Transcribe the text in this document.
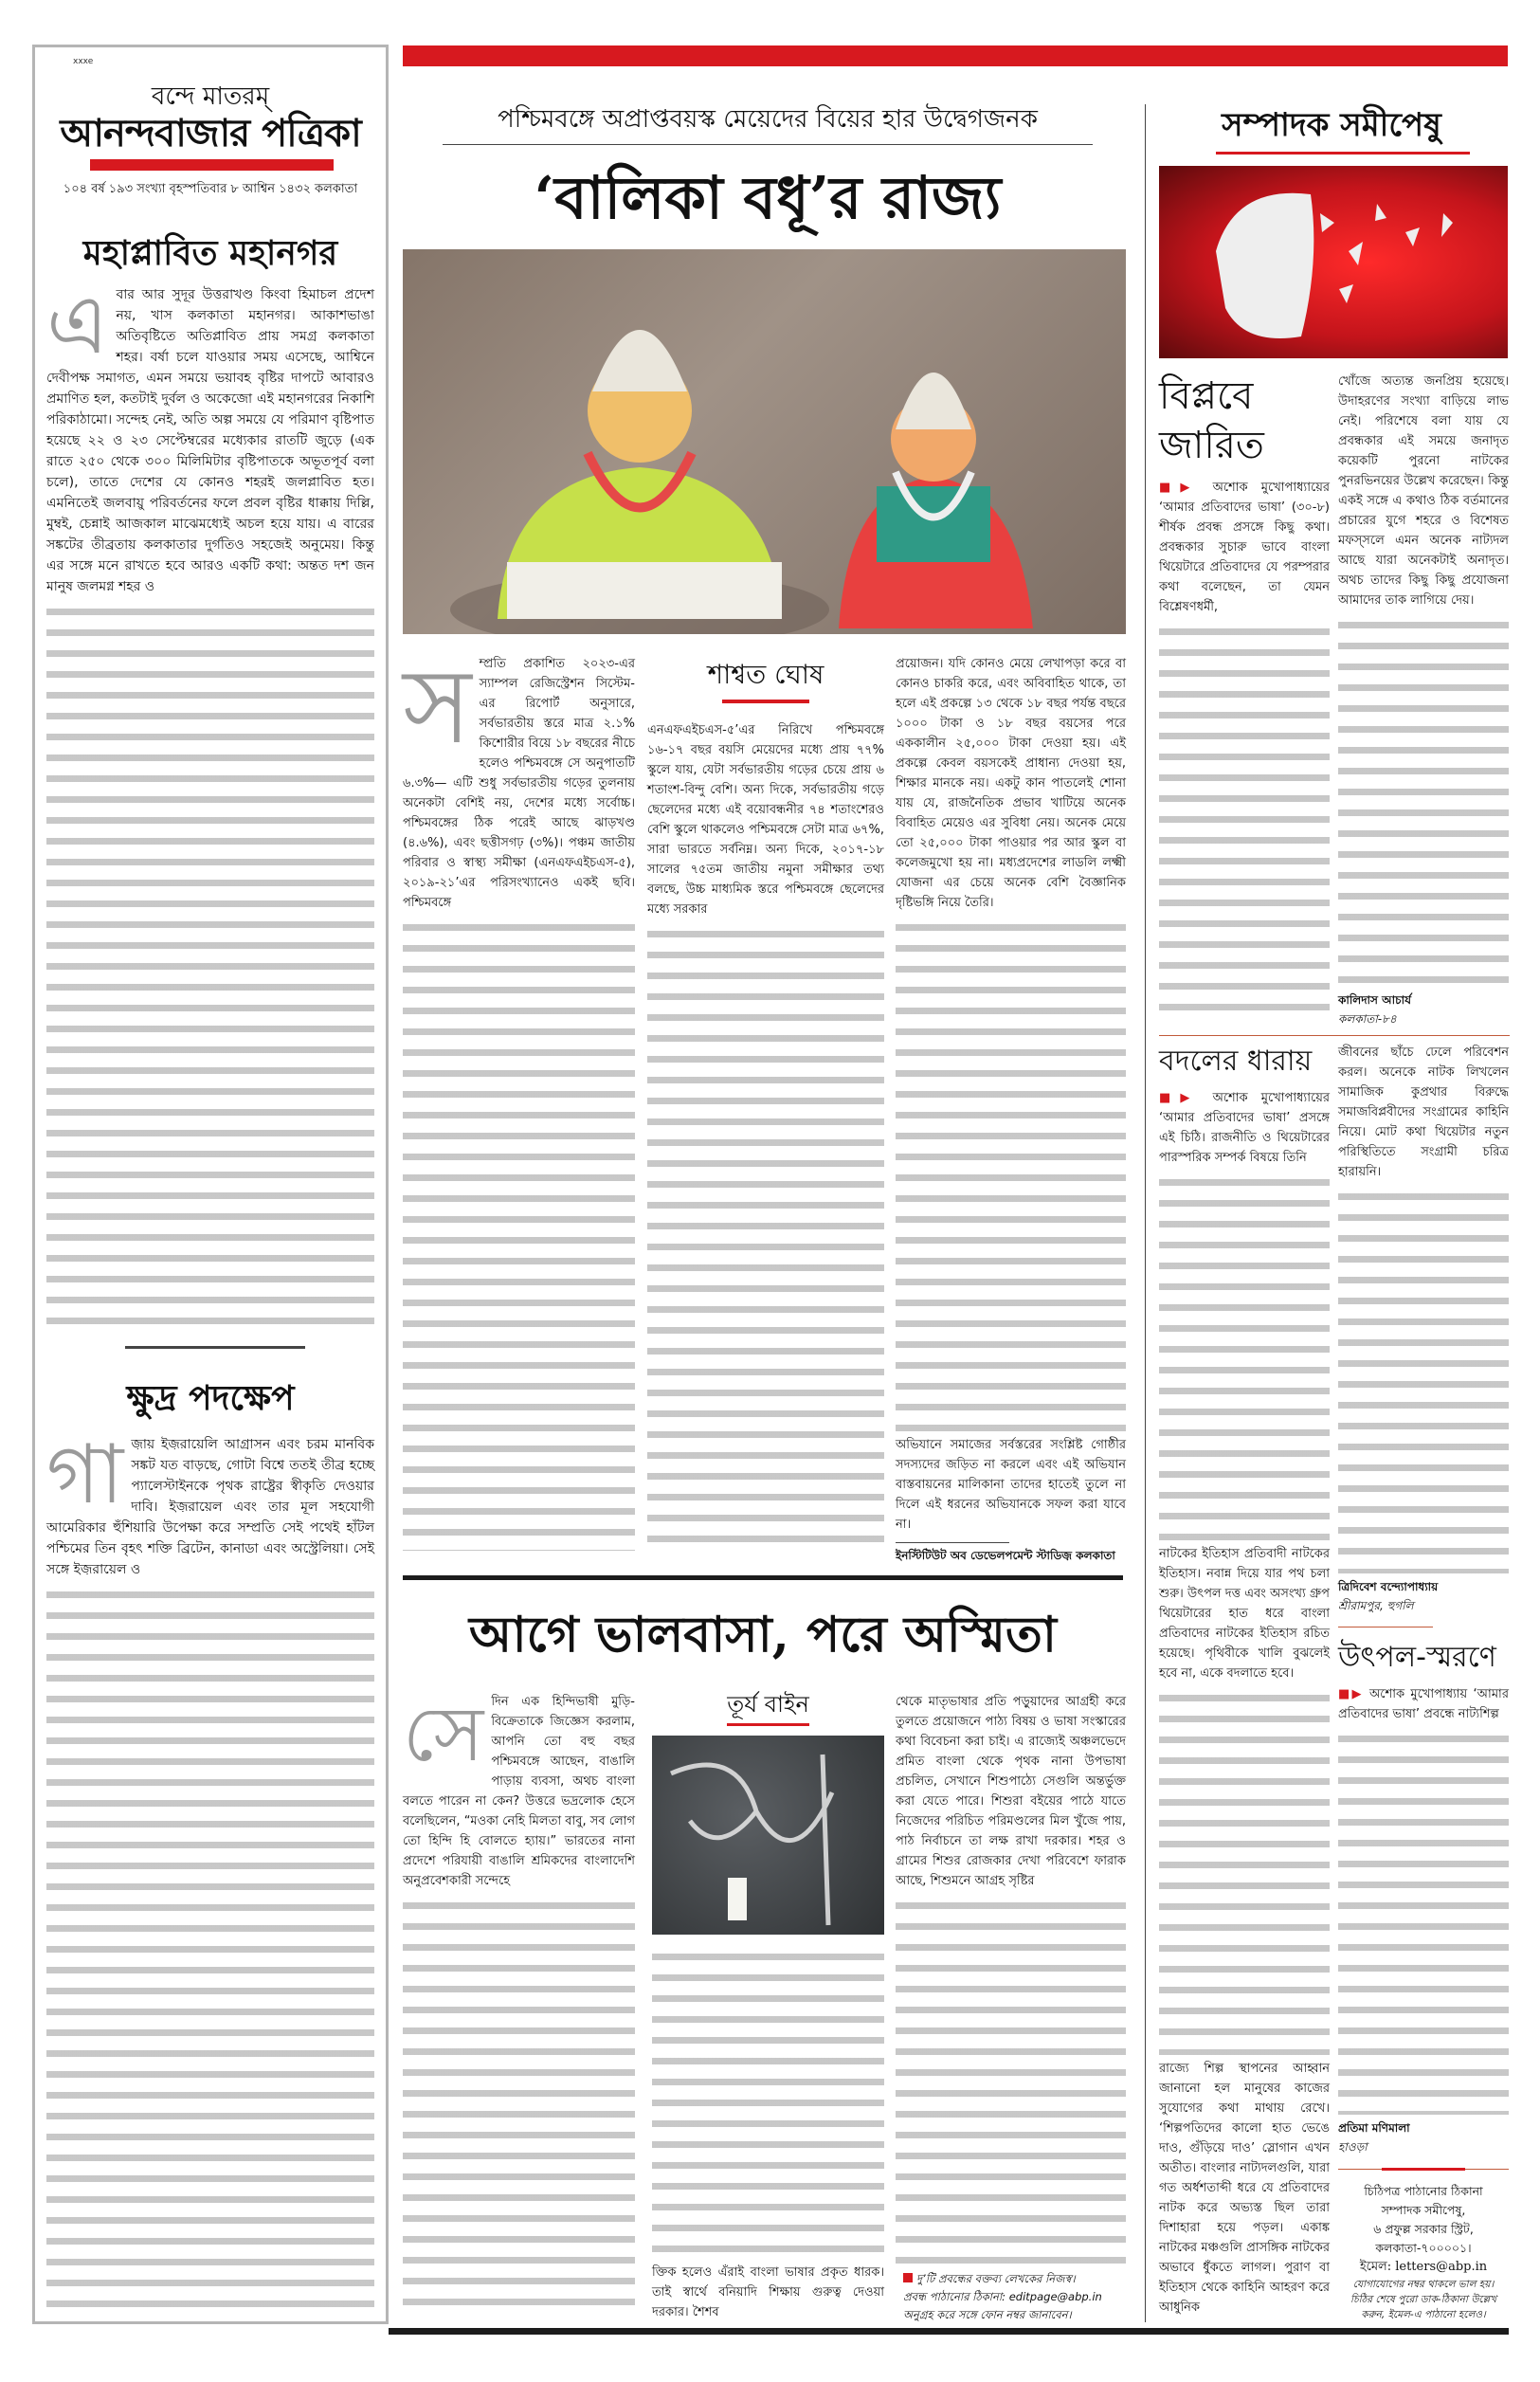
xxxe
বন্দে মাতরম্
আনন্দবাজার পত্রিকা
১০৪ বর্ষ ১৯৩ সংখ্যা বৃহস্পতিবার ৮ আশ্বিন ১৪৩২ কলকাতা
মহাপ্লাবিত মহানগর

এবার আর সুদূর উত্তরাখণ্ড কিংবা হিমাচল প্রদেশ নয়, খাস কলকাতা মহানগর। আকাশভাঙা অতিবৃষ্টিতে অতিপ্লাবিত প্রায় সমগ্র কলকাতা শহর। বর্ষা চলে যাওয়ার সময় এসেছে, আশ্বিনে দেবীপক্ষ সমাগত, এমন সময়ে ভয়াবহ বৃষ্টির দাপটে আবারও প্রমাণিত হল, কতটাই দুর্বল ও অকেজো এই মহানগরের নিকাশি পরিকাঠামো। সন্দেহ নেই, অতি অল্প সময়ে যে পরিমাণ বৃষ্টিপাত হয়েছে ২২ ও ২৩ সেপ্টেম্বরের মধ্যেকার রাতটি জুড়ে (এক রাতে ২৫০ থেকে ৩০০ মিলিমিটার বৃষ্টিপাতকে অভূতপূর্ব বলা চলে), তাতে দেশের যে কোনও শহরই জলপ্লাবিত হত। এমনিতেই জলবায়ু পরিবর্তনের ফলে প্রবল বৃষ্টির ধাক্কায় দিল্লি, মুম্বই, চেন্নাই আজকাল মাঝেমধ্যেই অচল হয়ে যায়। এ বারের সঙ্কটের তীব্রতায় কলকাতার দুর্গতিও সহজেই অনুমেয়। কিন্তু এর সঙ্গে মনে রাখতে হবে আরও একটি কথা: অন্তত দশ জন মানুষ জলমগ্ন শহর ও

ক্ষুদ্র পদক্ষেপ

গাজ়ায় ইজ়রায়েলি আগ্রাসন এবং চরম মানবিক সঙ্কট যত বাড়ছে, গোটা বিশ্বে ততই তীব্র হচ্ছে প্যালেস্টাইনকে পৃথক রাষ্ট্রের স্বীকৃতি দেওয়ার দাবি। ইজ়রায়েল এবং তার মূল সহযোগী আমেরিকার হুঁশিয়ারি উপেক্ষা করে সম্প্রতি সেই পথেই হাঁটল পশ্চিমের তিন বৃহৎ শক্তি ব্রিটেন, কানাডা এবং অস্ট্রেলিয়া। সেই সঙ্গে ইজ়রায়েল ও

পশ্চিমবঙ্গে অপ্রাপ্তবয়স্ক মেয়েদের বিয়ের হার উদ্বেগজনক
‘বালিকা বধূ’র রাজ্য

সম্প্রতি প্রকাশিত ২০২৩-এর স্যাম্পল রেজিস্ট্রেশন সিস্টেম-এর রিপোর্ট অনুসারে, সর্বভারতীয় স্তরে মাত্র ২.১% কিশোরীর বিয়ে ১৮ বছরের নীচে হলেও পশ্চিমবঙ্গে সে অনুপাতটি ৬.৩%— এটি শুধু সর্বভারতীয় গড়ের তুলনায় অনেকটা বেশিই নয়, দেশের মধ্যে সর্বোচ্চ। পশ্চিমবঙ্গের ঠিক পরেই আছে ঝাড়খণ্ড (৪.৬%), এবং ছত্তীসগঢ় (৩%)। পঞ্চম জাতীয় পরিবার ও স্বাস্থ্য সমীক্ষা (এনএফএইচএস-৫), ২০১৯-২১’এর পরিসংখ্যানেও একই ছবি। পশ্চিমবঙ্গে

শাশ্বত ঘোষ

এনএফএইচএস-৫’এর নিরিখে পশ্চিমবঙ্গে ১৬-১৭ বছর বয়সি মেয়েদের মধ্যে প্রায় ৭৭% স্কুলে যায়, যেটা সর্বভারতীয় গড়ের চেয়ে প্রায় ৬ শতাংশ-বিন্দু বেশি। অন্য দিকে, সর্বভারতীয় গড়ে ছেলেদের মধ্যে এই বয়োবন্ধনীর ৭৪ শতাংশেরও বেশি স্কুলে থাকলেও পশ্চিমবঙ্গে সেটা মাত্র ৬৭%, সারা ভারতে সর্বনিম্ন। অন্য দিকে, ২০১৭-১৮ সালের ৭৫তম জাতীয় নমুনা সমীক্ষার তথ্য বলছে, উচ্চ মাধ্যমিক স্তরে পশ্চিমবঙ্গে ছেলেদের মধ্যে সরকার

প্রয়োজন। যদি কোনও মেয়ে লেখাপড়া করে বা কোনও চাকরি করে, এবং অবিবাহিত থাকে, তা হলে এই প্রকল্পে ১৩ থেকে ১৮ বছর পর্যন্ত বছরে ১০০০ টাকা ও ১৮ বছর বয়সের পরে এককালীন ২৫,০০০ টাকা দেওয়া হয়। এই প্রকল্পে কেবল বয়সকেই প্রাধান্য দেওয়া হয়, শিক্ষার মানকে নয়। একটু কান পাতলেই শোনা যায় যে, রাজনৈতিক প্রভাব খাটিয়ে অনেক বিবাহিত মেয়েও এর সুবিধা নেয়। অনেক মেয়ে তো ২৫,০০০ টাকা পাওয়ার পর আর স্কুল বা কলেজমুখো হয় না। মধ্যপ্রদেশের লাডলি লক্ষ্মী যোজনা এর চেয়ে অনেক বেশি বৈজ্ঞানিক দৃষ্টিভঙ্গি নিয়ে তৈরি।

অভিযানে সমাজের সর্বস্তরের সংশ্লিষ্ট গোষ্ঠীর সদস্যদের জড়িত না করলে এবং এই অভিযান বাস্তবায়নের মালিকানা তাদের হাতেই তুলে না দিলে এই ধরনের অভিযানকে সফল করা যাবে না।

ইনস্টিটিউট অব ডেভেলপমেন্ট স্টাডিজ় কলকাতা
আগে ভালবাসা, পরে অস্মিতা

সেদিন এক হিন্দিভাষী মুড়ি-বিক্রেতাকে জিজ্ঞেস করলাম, আপনি তো বহু বছর পশ্চিমবঙ্গে আছেন, বাঙালি পাড়ায় ব্যবসা, অথচ বাংলা বলতে পারেন না কেন? উত্তরে ভদ্রলোক হেসে বলেছিলেন, “মওকা নেহি মিলতা বাবু, সব লোগ তো হিন্দি হি বোলতে হ্যায়।” ভারতের নানা প্রদেশে পরিযায়ী বাঙালি শ্রমিকদের বাংলাদেশি অনুপ্রবেশকারী সন্দেহে

তূর্য বাইন

ক্তিক হলেও এঁরাই বাংলা ভাষার প্রকৃত ধারক। তাই স্বার্থে বনিয়াদি শিক্ষায় গুরুত্ব দেওয়া দরকার। শৈশব

থেকে মাতৃভাষার প্রতি পড়ুয়াদের আগ্রহী করে তুলতে প্রয়োজনে পাঠ্য বিষয় ও ভাষা সংস্কারের কথা বিবেচনা করা চাই। এ রাজ্যেই অঞ্চলভেদে প্রমিত বাংলা থেকে পৃথক নানা উপভাষা প্রচলিত, সেখানে শিশুপাঠ্যে সেগুলি অন্তর্ভুক্ত করা যেতে পারে। শিশুরা বইয়ের পাঠে যাতে নিজেদের পরিচিত পরিমণ্ডলের মিল খুঁজে পায়, পাঠ নির্বাচনে তা লক্ষ রাখা দরকার। শহর ও গ্রামের শিশুর রোজকার দেখা পরিবেশে ফারাক আছে, শিশুমনে আগ্রহ সৃষ্টির

দু’টি প্রবন্ধের বক্তব্য লেখকের নিজস্ব।
প্রবন্ধ পাঠানোর ঠিকানা: editpage@abp.in
অনুগ্রহ করে সঙ্গে ফোন নম্বর জানাবেন।
সম্পাদক সমীপেষু
বিপ্লবে জারিত

■▶ অশোক মুখোপাধ্যায়ের ‘আমার প্রতিবাদের ভাষা’ (৩০-৮) শীর্ষক প্রবন্ধ প্রসঙ্গে কিছু কথা। প্রবন্ধকার সুচারু ভাবে বাংলা থিয়েটারে প্রতিবাদের যে পরম্পরার কথা বলেছেন, তা যেমন বিশ্লেষণধর্মী,

খোঁজে অত্যন্ত জনপ্রিয় হয়েছে। উদাহরণের সংখ্যা বাড়িয়ে লাভ নেই। পরিশেষে বলা যায় যে প্রবন্ধকার এই সময়ে জনাদৃত কয়েকটি পুরনো নাটকের পুনরভিনয়ের উল্লেখ করেছেন। কিন্তু একই সঙ্গে এ কথাও ঠিক বর্তমানের প্রচারের যুগে শহরে ও বিশেষত মফস্সলে এমন অনেক নাট্যদল আছে যারা অনেকটাই অনাদৃত। অথচ তাদের কিছু কিছু প্রযোজনা আমাদের তাক লাগিয়ে দেয়।

কালিদাস আচার্য
কলকাতা-৮৪
বদলের ধারায়

■▶ অশোক মুখোপাধ্যায়ের ‘আমার প্রতিবাদের ভাষা’ প্রসঙ্গে এই চিঠি। রাজনীতি ও থিয়েটারের পারস্পরিক সম্পর্ক বিষয়ে তিনি

নাটকের ইতিহাস প্রতিবাদী নাটকের ইতিহাস। নবান্ন দিয়ে যার পথ চলা শুরু। উৎপল দত্ত এবং অসংখ্য গ্রুপ থিয়েটারের হাত ধরে বাংলা প্রতিবাদের নাটকের ইতিহাস রচিত হয়েছে। পৃথিবীকে খালি বুঝলেই হবে না, একে বদলাতে হবে।

রাজ্যে শিল্প স্থাপনের আহ্বান জানানো হল মানুষের কাজের সুযোগের কথা মাথায় রেখে। ‘শিল্পপতিদের কালো হাত ভেঙে দাও, গুঁড়িয়ে দাও’ স্লোগান এখন অতীত। বাংলার নাট্যদলগুলি, যারা গত অর্ধশতাব্দী ধরে যে প্রতিবাদের নাটক করে অভ্যস্ত ছিল তারা দিশাহারা হয়ে পড়ল। একাঙ্ক নাটকের মঞ্চগুলি প্রাসঙ্গিক নাটকের অভাবে ধুঁকতে লাগল। পুরাণ বা ইতিহাস থেকে কাহিনি আহরণ করে আধুনিক

জীবনের ছাঁচে ঢেলে পরিবেশন করল। অনেকে নাটক লিখলেন সামাজিক কুপ্রথার বিরুদ্ধে সমাজবিপ্লবীদের সংগ্রামের কাহিনি নিয়ে। মোট কথা থিয়েটার নতুন পরিস্থিতিতে সংগ্রামী চরিত্র হারায়নি।

ত্রিদিবেশ বন্দ্যোপাধ্যায়
শ্রীরামপুর, হুগলি
উৎপল-স্মরণে

■▶ অশোক মুখোপাধ্যায় ‘আমার প্রতিবাদের ভাষা’ প্রবন্ধে নাট্যশিল্প

প্রতিমা মণিমালা
হাওড়া
চিঠিপত্র পাঠানোর ঠিকানা
সম্পাদক সমীপেষু,
৬ প্রফুল্ল সরকার স্ট্রিট,
কলকাতা-৭০০০০১।
ইমেল: letters@abp.in
যোগাযোগের নম্বর থাকলে ভাল হয়।
চিঠির শেষে পুরো ডাক-ঠিকানা উল্লেখ করুন, ইমেল-এ পাঠানো হলেও।
